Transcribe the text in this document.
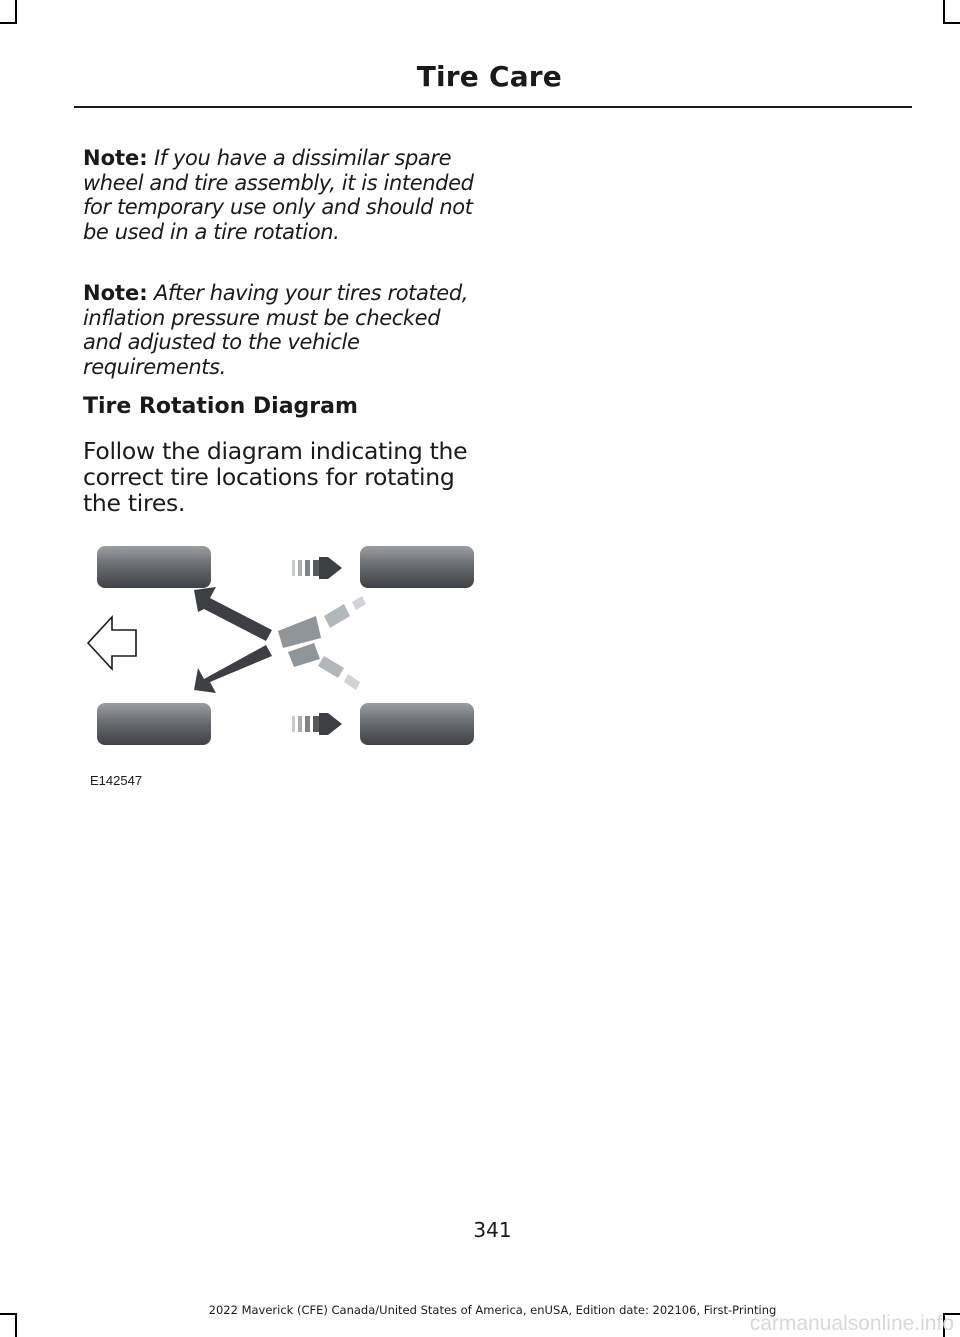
Tire Care
Note: If you have a dissimilar spare wheel and tire assembly, it is intended for temporary use only and should not be used in a tire rotation.
Note: After having your tires rotated, inflation pressure must be checked and adjusted to the vehicle requirements.
Tire Rotation Diagram
Follow the diagram indicating the correct tire locations for rotating the tires.
E142547
341
2022 Maverick (CFE) Canada/United States of America, enUSA, Edition date: 202106, First-Printing
carmanualsonline.info
